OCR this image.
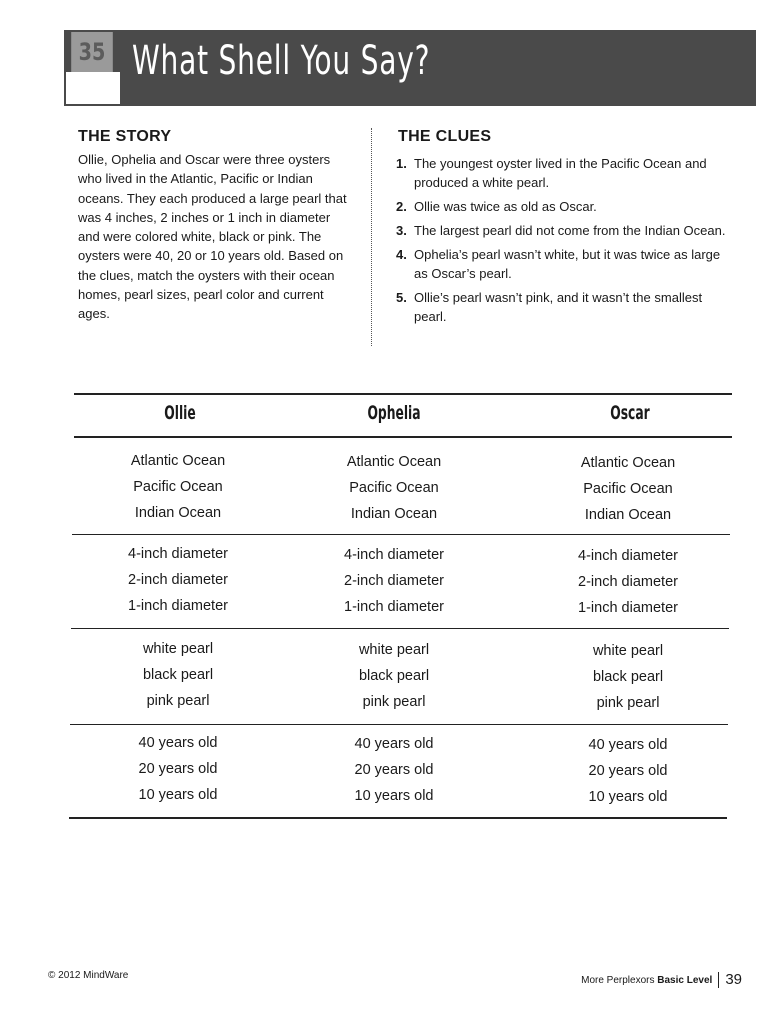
35 What Shell You Say?
THE STORY
Ollie, Ophelia and Oscar were three oysters who lived in the Atlantic, Pacific or Indian oceans. They each produced a large pearl that was 4 inches, 2 inches or 1 inch in diameter and were colored white, black or pink. The oysters were 40, 20 or 10 years old. Based on the clues, match the oysters with their ocean homes, pearl sizes, pearl color and current ages.
THE CLUES
1. The youngest oyster lived in the Pacific Ocean and produced a white pearl.
2. Ollie was twice as old as Oscar.
3. The largest pearl did not come from the Indian Ocean.
4. Ophelia’s pearl wasn’t white, but it was twice as large as Oscar’s pearl.
5. Ollie’s pearl wasn’t pink, and it wasn’t the smallest pearl.
Ollie	Ophelia	Oscar
Atlantic Ocean	Atlantic Ocean	Atlantic Ocean
Pacific Ocean	Pacific Ocean	Pacific Ocean
Indian Ocean	Indian Ocean	Indian Ocean
4-inch diameter	4-inch diameter	4-inch diameter
2-inch diameter	2-inch diameter	2-inch diameter
1-inch diameter	1-inch diameter	1-inch diameter
white pearl	white pearl	white pearl
black pearl	black pearl	black pearl
pink pearl	pink pearl	pink pearl
40 years old	40 years old	40 years old
20 years old	20 years old	20 years old
10 years old	10 years old	10 years old
© 2012 MindWare	More Perplexors
Basic Level 39
